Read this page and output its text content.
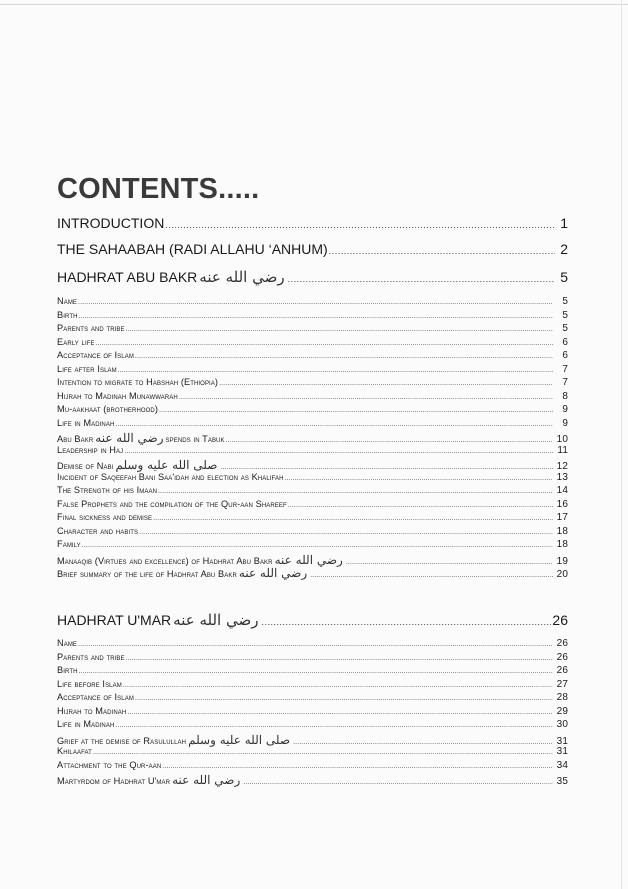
CONTENTS.....
INTRODUCTION .....	1
THE SAHAABAH (RADI ALLAHU ‘ANHUM) .....	2
HADHRAT ABU BAKR رضي الله عنه .....	5
Name .....	5
Birth .....	5
Parents and tribe .....	5
Early life .....	6
Acceptance of Islam .....	6
Life after Islam .....	7
Intention to migrate to Habshah (Ethiopia) .....	7
Hijrah to Madinah Munawwarah .....	8
Mu-aakhaat (brotherhood) .....	9
Life in Madinah .....	9
Abu Bakr رضي الله عنه spends in Tabuk .....	10
Leadership in Haj .....	11
Demise of Nabi صلى الله عليه وسلم .....	12
Incident of Saqeefah Bani Saa'idah and election as Khalifah .....	13
The Strength of his Imaan .....	14
False Prophets and the compilation of the Qur-aan Shareef .....	16
Final sickness and demise .....	17
Character and habits .....	18
Family .....	18
Manaaqib (Virtues and excellence) of Hadhrat Abu Bakr رضي الله عنه .....	19
Brief summary of the life of Hadhrat Abu Bakr رضي الله عنه .....	20
HADHRAT U'MAR رضي الله عنه .....	26
Name .....	26
Parents and tribe .....	26
Birth .....	26
Life before Islam .....	27
Acceptance of Islam .....	28
Hijrah to Madinah .....	29
Life in Madinah .....	30
Grief at the demise of Rasulullah صلى الله عليه وسلم .....	31
Khilaafat .....	31
Attachment to the Qur-aan .....	34
Martyrdom of Hadhrat U'mar رضي الله عنه .....	35
